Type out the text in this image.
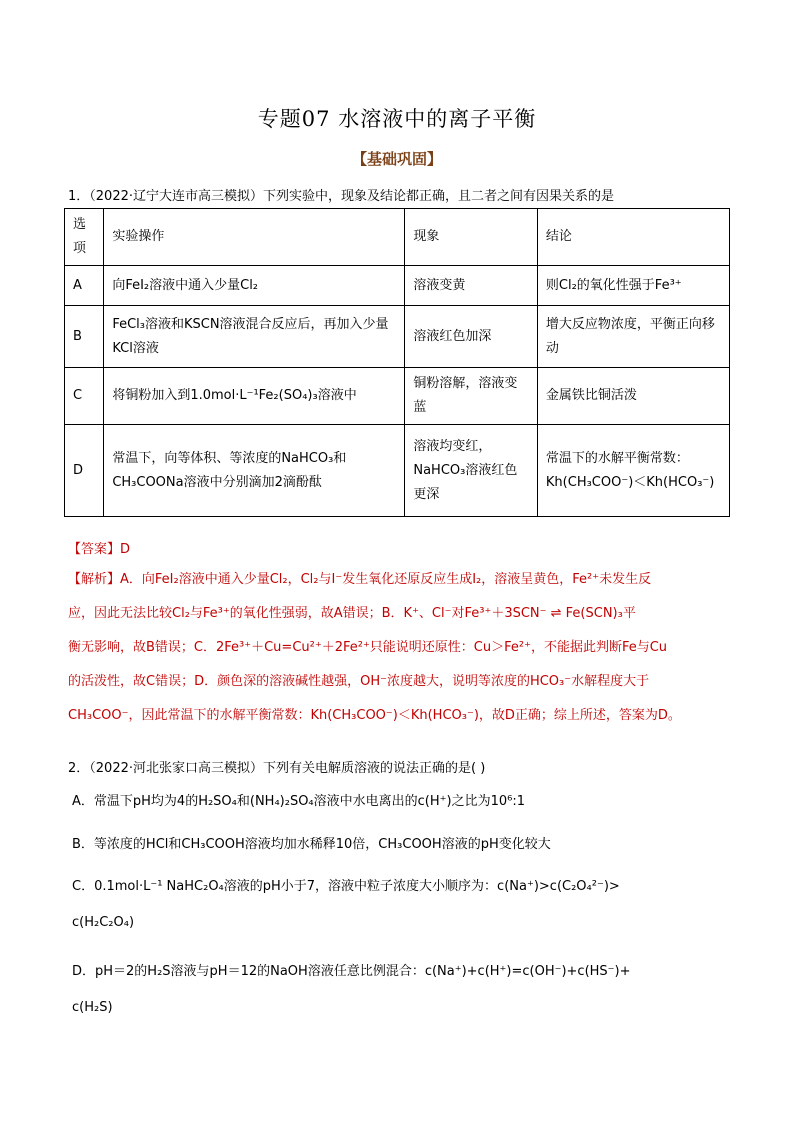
专题07 水溶液中的离子平衡
【基础巩固】
1．（2022·辽宁大连市高三模拟）下列实验中，现象及结论都正确，且二者之间有因果关系的是
选项	实验操作	现象	结论
A	向FeI₂溶液中通入少量Cl₂	溶液变黄	则Cl₂的氧化性强于Fe³⁺
B	FeCl₃溶液和KSCN溶液混合反应后，再加入少量KCl溶液	溶液红色加深	增大反应物浓度，平衡正向移动
C	将铜粉加入到1.0mol·L⁻¹Fe₂(SO₄)₃溶液中	铜粉溶解，溶液变蓝	金属铁比铜活泼
D	常温下，向等体积、等浓度的NaHCO₃和CH₃COONa溶液中分别滴加2滴酚酞	溶液均变红，NaHCO₃溶液红色更深	常温下的水解平衡常数：Kh(CH₃COO⁻)＜Kh(HCO₃⁻)
【答案】D
【解析】A．向FeI₂溶液中通入少量Cl₂，Cl₂与I⁻发生氧化还原反应生成I₂，溶液呈黄色，Fe²⁺未发生反
应，因此无法比较Cl₂与Fe³⁺的氧化性强弱，故A错误；B．K⁺、Cl⁻对Fe³⁺＋3SCN⁻ ⇌ Fe(SCN)₃平
衡无影响，故B错误；C．2Fe³⁺＋Cu=Cu²⁺＋2Fe²⁺只能说明还原性：Cu＞Fe²⁺，不能据此判断Fe与Cu
的活泼性，故C错误；D．颜色深的溶液碱性越强，OH⁻浓度越大，说明等浓度的HCO₃⁻水解程度大于
CH₃COO⁻，因此常温下的水解平衡常数：Kh(CH₃COO⁻)＜Kh(HCO₃⁻)，故D正确；综上所述，答案为D。
2．（2022·河北张家口高三模拟）下列有关电解质溶液的说法正确的是( )
A．常温下pH均为4的H₂SO₄和(NH₄)₂SO₄溶液中水电离出的c(H⁺)之比为10⁶:1
B．等浓度的HCl和CH₃COOH溶液均加水稀释10倍，CH₃COOH溶液的pH变化较大
C．0.1mol·L⁻¹ NaHC₂O₄溶液的pH小于7，溶液中粒子浓度大小顺序为：c(Na⁺)>c(C₂O₄²⁻)>
c(H₂C₂O₄)
D．pH＝2的H₂S溶液与pH＝12的NaOH溶液任意比例混合：c(Na⁺)+c(H⁺)=c(OH⁻)+c(HS⁻)+
c(H₂S)
